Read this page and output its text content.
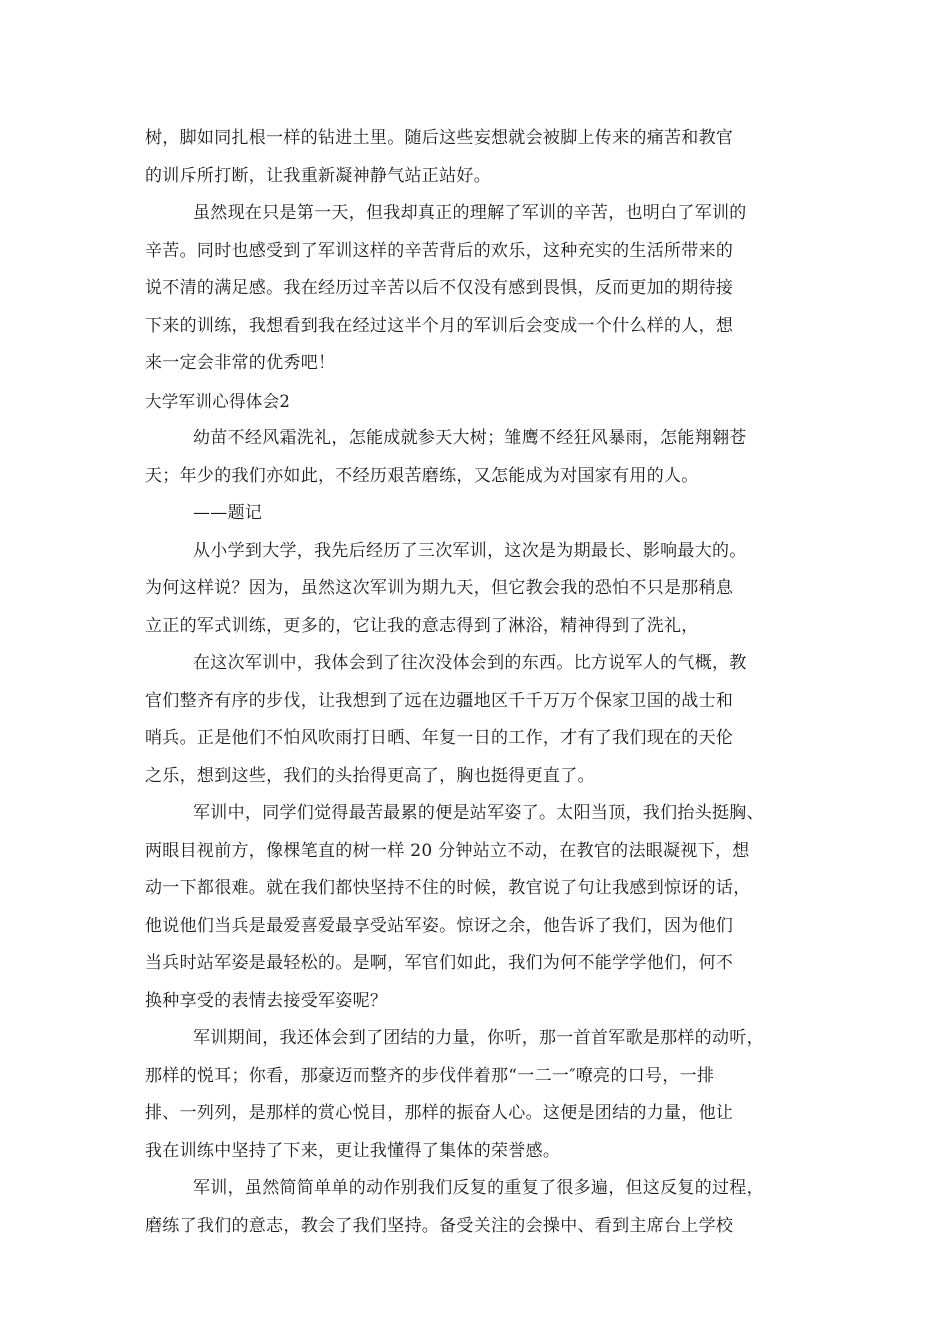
树，脚如同扎根一样的钻进土里。随后这些妄想就会被脚上传来的痛苦和教官
的训斥所打断，让我重新凝神静气站正站好。
虽然现在只是第一天，但我却真正的理解了军训的辛苦，也明白了军训的
辛苦。同时也感受到了军训这样的辛苦背后的欢乐，这种充实的生活所带来的
说不清的满足感。我在经历过辛苦以后不仅没有感到畏惧，反而更加的期待接
下来的训练，我想看到我在经过这半个月的军训后会变成一个什么样的人，想
来一定会非常的优秀吧！
大学军训心得体会2
幼苗不经风霜洗礼，怎能成就参天大树；雏鹰不经狂风暴雨，怎能翔翱苍
天；年少的我们亦如此，不经历艰苦磨练，又怎能成为对国家有用的人。
——题记
从小学到大学，我先后经历了三次军训，这次是为期最长、影响最大的。
为何这样说？因为，虽然这次军训为期九天，但它教会我的恐怕不只是那稍息
立正的军式训练，更多的，它让我的意志得到了淋浴，精神得到了洗礼，
在这次军训中，我体会到了往次没体会到的东西。比方说军人的气概，教
官们整齐有序的步伐，让我想到了远在边疆地区千千万万个保家卫国的战士和
哨兵。正是他们不怕风吹雨打日晒、年复一日的工作，才有了我们现在的天伦
之乐，想到这些，我们的头抬得更高了，胸也挺得更直了。
军训中，同学们觉得最苦最累的便是站军姿了。太阳当顶，我们抬头挺胸、
两眼目视前方，像棵笔直的树一样 20 分钟站立不动，在教官的法眼凝视下，想
动一下都很难。就在我们都快坚持不住的时候，教官说了句让我感到惊讶的话，
他说他们当兵是最爱喜爱最享受站军姿。惊讶之余，他告诉了我们，因为他们
当兵时站军姿是最轻松的。是啊，军官们如此，我们为何不能学学他们，何不
换种享受的表情去接受军姿呢？
军训期间，我还体会到了团结的力量，你听，那一首首军歌是那样的动听，
那样的悦耳；你看，那豪迈而整齐的步伐伴着那“一二一″嘹亮的口号，一排
排、一列列，是那样的赏心悦目，那样的振奋人心。这便是团结的力量，他让
我在训练中坚持了下来，更让我懂得了集体的荣誉感。
军训，虽然简简单单的动作别我们反复的重复了很多遍，但这反复的过程，
磨练了我们的意志，教会了我们坚持。备受关注的会操中、看到主席台上学校
